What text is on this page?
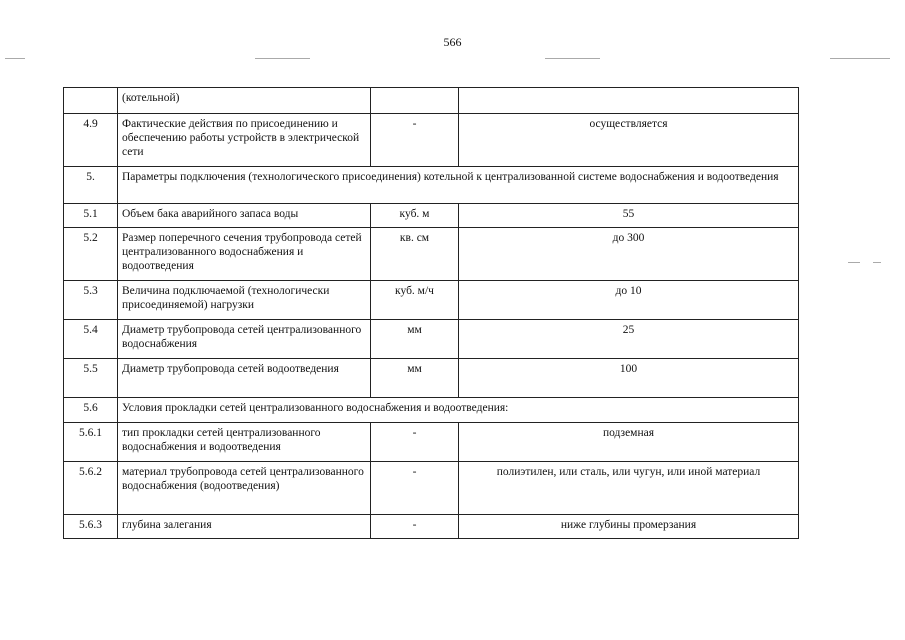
566
	(котельной)		
4.9	Фактические действия по присоединению и обеспечению работы устройств в электрической сети	-	осуществляется
5.	Параметры подключения (технологического присоединения) котельной к централизованной системе водоснабжения и водоотведения		
5.1	Объем бака аварийного запаса воды	куб. м	55
5.2	Размер поперечного сечения трубопровода сетей централизованного водоснабжения и водоотведения	кв. см	до 300
5.3	Величина подключаемой (технологически присоединяемой) нагрузки	куб. м/ч	до 10
5.4	Диаметр трубопровода сетей централизованного водоснабжения	мм	25
5.5	Диаметр трубопровода сетей водоотведения	мм	100
5.6	Условия прокладки сетей централизованного водоснабжения и водоотведения:		
5.6.1	тип прокладки сетей централизованного водоснабжения и водоотведения	-	подземная
5.6.2	материал трубопровода сетей централизованного водоснабжения (водоотведения)	-	полиэтилен, или сталь, или чугун, или иной материал
5.6.3	глубина залегания	-	ниже глубины промерзания
